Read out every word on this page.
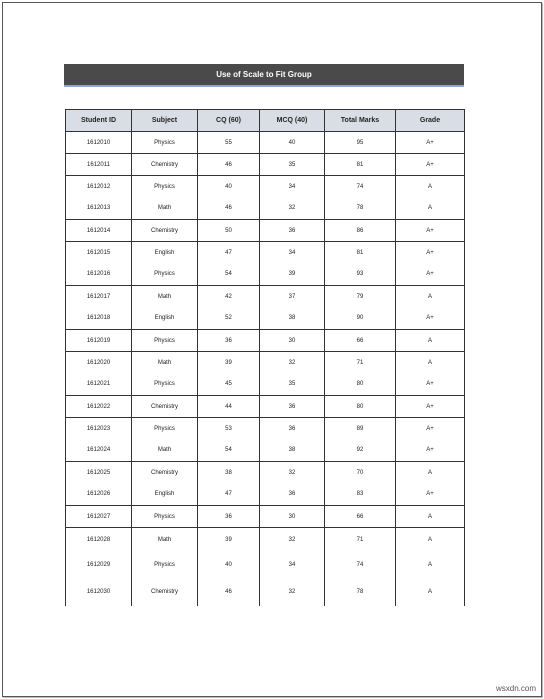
Use of Scale to Fit Group
Student ID	Subject	CQ (60)	MCQ (40)	Total Marks	Grade
1612010	Physics	55	40	95	A+
1612011	Chemistry	46	35	81	A+
1612012	Physics	40	34	74	A
1612013	Math	46	32	78	A
1612014	Chemistry	50	36	86	A+
1612015	English	47	34	81	A+
1612016	Physics	54	39	93	A+
1612017	Math	42	37	79	A
1612018	English	52	38	90	A+
1612019	Physics	36	30	66	A
1612020	Math	39	32	71	A
1612021	Physics	45	35	80	A+
1612022	Chemistry	44	36	80	A+
1612023	Physics	53	36	89	A+
1612024	Math	54	38	92	A+
1612025	Chemistry	38	32	70	A
1612026	English	47	36	83	A+
1612027	Physics	36	30	66	A
1612028	Math	39	32	71	A
1612029	Physics	40	34	74	A
1612030	Chemistry	46	32	78	A
wsxdn.com
